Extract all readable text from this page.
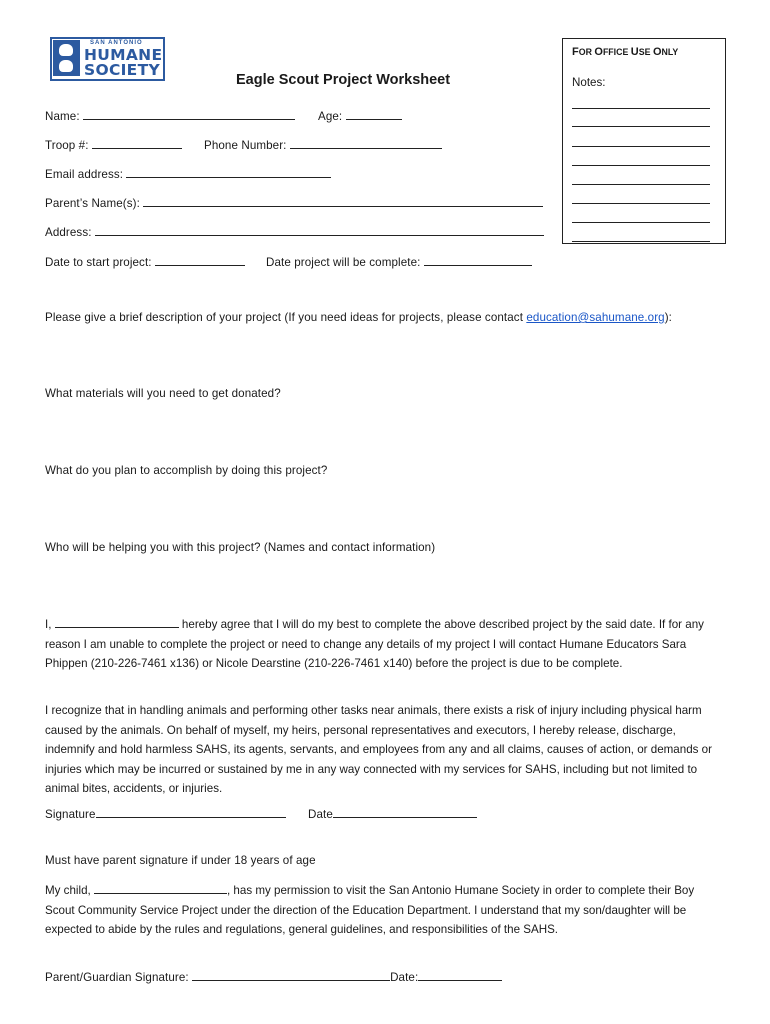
SAN ANTONIO
HUMANE
SOCIETY
FOR OFFICE USE ONLY
Notes:
Eagle Scout Project Worksheet
Name:	Age:
Troop #:	Phone Number:
Email address:
Parent’s Name(s):
Address:
Date to start project:	Date project will be complete:
Please give a brief description of your project (If you need ideas for projects, please contact education@sahumane.org):
What materials will you need to get donated?
What do you plan to accomplish by doing this project?
Who will be helping you with this project? (Names and contact information)
I,	hereby agree that I will do my best to complete the above described project by the said date. If for any reason I am unable to complete the project or need to change any details of my project I will contact Humane Educators Sara Phippen (210-226-7461 x136) or Nicole Dearstine (210-226-7461 x140) before the project is due to be complete.
I recognize that in handling animals and performing other tasks near animals, there exists a risk of injury including physical harm caused by the animals. On behalf of myself, my heirs, personal representatives and executors, I hereby release, discharge, indemnify and hold harmless SAHS, its agents, servants, and employees from any and all claims, causes of action, or demands or injuries which may be incurred or sustained by me in any way connected with my services for SAHS, including but not limited to animal bites, accidents, or injuries.
Signature	Date
Must have parent signature if under 18 years of age
My child,	, has my permission to visit the San Antonio Humane Society in order to complete their Boy Scout Community Service Project under the direction of the Education Department. I understand that my son/daughter will be expected to abide by the rules and regulations, general guidelines, and responsibilities of the SAHS.
Parent/Guardian Signature:	Date:
